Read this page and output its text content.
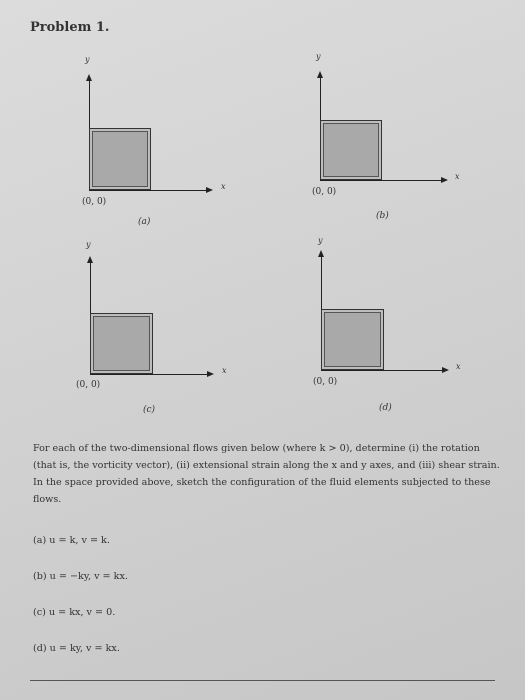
Problem 1.
y
x
(0, 0)
(a)
y
x
(0, 0)
(b)
y
x
(0, 0)
(c)
y
x
(0, 0)
(d)
For each of the two-dimensional flows given below (where k > 0), determine (i) the rotation (that is, the vorticity vector), (ii) extensional strain along the x and y axes, and (iii) shear strain. In the space provided above, sketch the configuration of the fluid elements subjected to these flows.
(a) u = k, v = k.
(b) u = −ky, v = kx.
(c) u = kx, v = 0.
(d) u = ky, v = kx.
